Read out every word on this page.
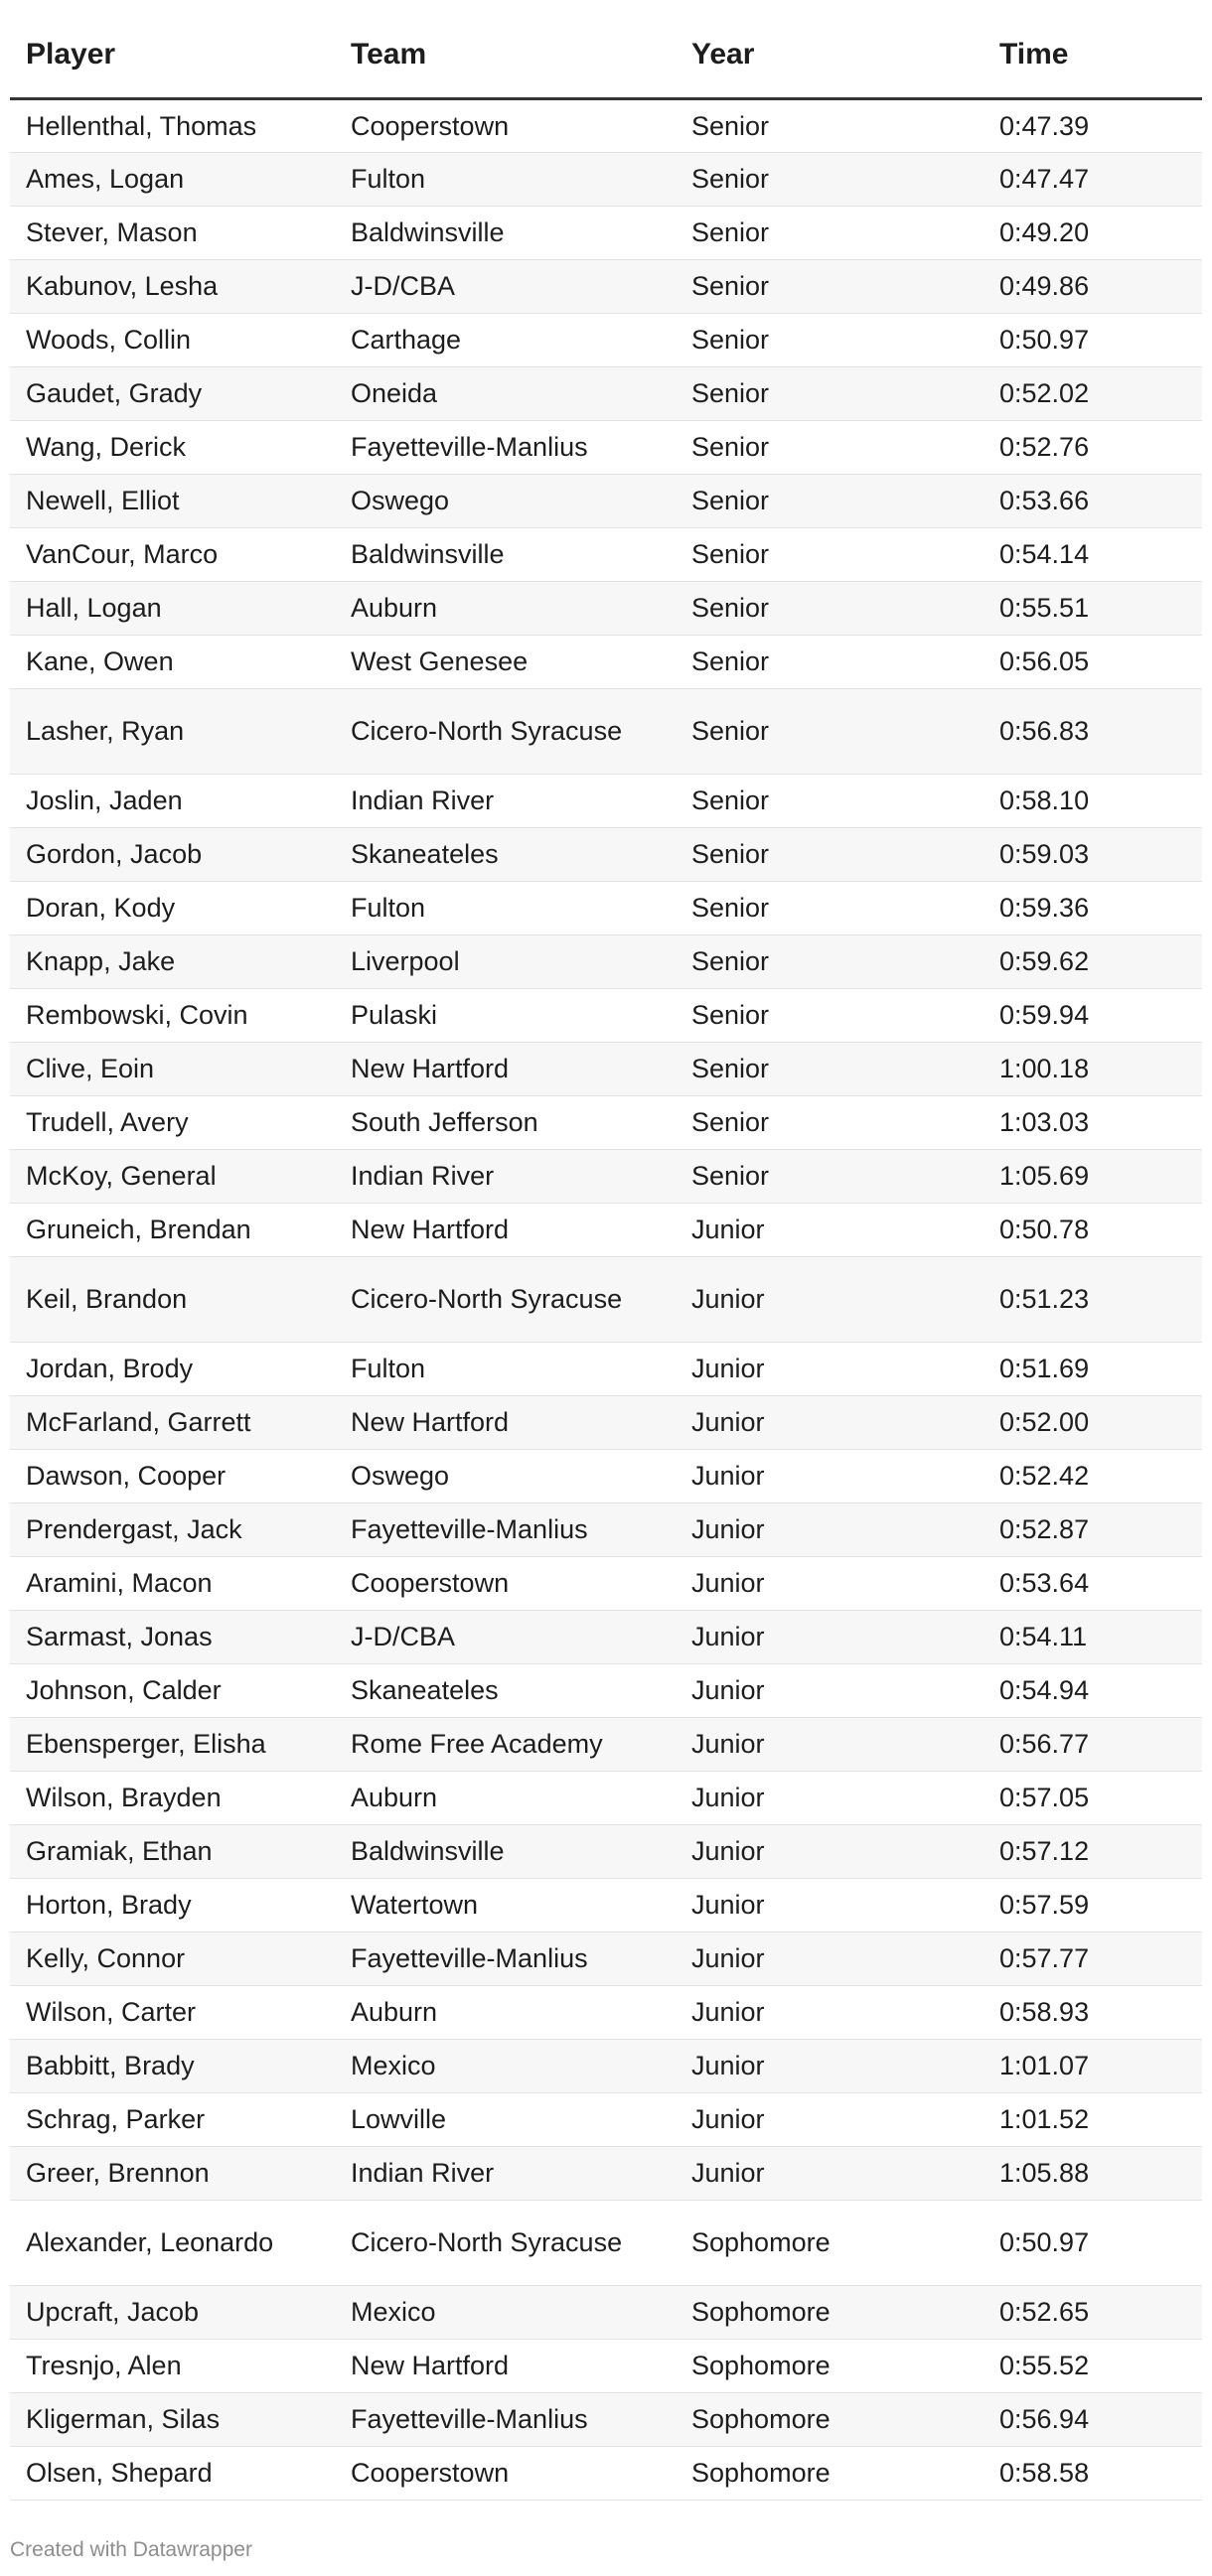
Player	Team	Year	Time
Hellenthal, Thomas	Cooperstown	Senior	0:47.39
Ames, Logan	Fulton	Senior	0:47.47
Stever, Mason	Baldwinsville	Senior	0:49.20
Kabunov, Lesha	J-D/CBA	Senior	0:49.86
Woods, Collin	Carthage	Senior	0:50.97
Gaudet, Grady	Oneida	Senior	0:52.02
Wang, Derick	Fayetteville-Manlius	Senior	0:52.76
Newell, Elliot	Oswego	Senior	0:53.66
VanCour, Marco	Baldwinsville	Senior	0:54.14
Hall, Logan	Auburn	Senior	0:55.51
Kane, Owen	West Genesee	Senior	0:56.05
Lasher, Ryan	Cicero-North Syracuse	Senior	0:56.83
Joslin, Jaden	Indian River	Senior	0:58.10
Gordon, Jacob	Skaneateles	Senior	0:59.03
Doran, Kody	Fulton	Senior	0:59.36
Knapp, Jake	Liverpool	Senior	0:59.62
Rembowski, Covin	Pulaski	Senior	0:59.94
Clive, Eoin	New Hartford	Senior	1:00.18
Trudell, Avery	South Jefferson	Senior	1:03.03
McKoy, General	Indian River	Senior	1:05.69
Gruneich, Brendan	New Hartford	Junior	0:50.78
Keil, Brandon	Cicero-North Syracuse	Junior	0:51.23
Jordan, Brody	Fulton	Junior	0:51.69
McFarland, Garrett	New Hartford	Junior	0:52.00
Dawson, Cooper	Oswego	Junior	0:52.42
Prendergast, Jack	Fayetteville-Manlius	Junior	0:52.87
Aramini, Macon	Cooperstown	Junior	0:53.64
Sarmast, Jonas	J-D/CBA	Junior	0:54.11
Johnson, Calder	Skaneateles	Junior	0:54.94
Ebensperger, Elisha	Rome Free Academy	Junior	0:56.77
Wilson, Brayden	Auburn	Junior	0:57.05
Gramiak, Ethan	Baldwinsville	Junior	0:57.12
Horton, Brady	Watertown	Junior	0:57.59
Kelly, Connor	Fayetteville-Manlius	Junior	0:57.77
Wilson, Carter	Auburn	Junior	0:58.93
Babbitt, Brady	Mexico	Junior	1:01.07
Schrag, Parker	Lowville	Junior	1:01.52
Greer, Brennon	Indian River	Junior	1:05.88
Alexander, Leonardo	Cicero-North Syracuse	Sophomore	0:50.97
Upcraft, Jacob	Mexico	Sophomore	0:52.65
Tresnjo, Alen	New Hartford	Sophomore	0:55.52
Kligerman, Silas	Fayetteville-Manlius	Sophomore	0:56.94
Olsen, Shepard	Cooperstown	Sophomore	0:58.58
Created with Datawrapper
